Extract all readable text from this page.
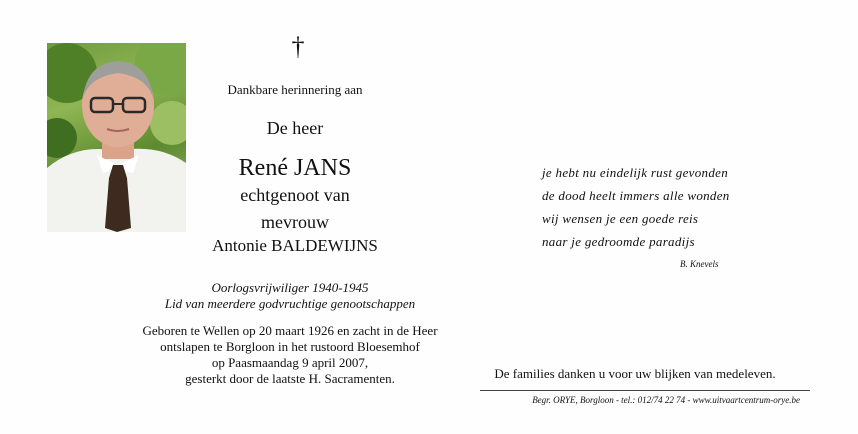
†
Dankbare herinnering aan
De heer
René JANS
echtgenoot van
mevrouw
Antonie BALDEWIJNS
Oorlogsvrijwiliger 1940-1945
Lid van meerdere godvruchtige genootschappen
Geboren te Wellen op 20 maart 1926 en zacht in de Heer
ontslapen te Borgloon in het rustoord Bloesemhof
op Paasmaandag 9 april 2007,
gesterkt door de laatste H. Sacramenten.
je hebt nu eindelijk rust gevonden
de dood heelt immers alle wonden
wij wensen je een goede reis
naar je gedroomde paradijs
B. Knevels
De families danken u voor uw blijken van medeleven.
Begr. ORYE, Borgloon - tel.: 012/74 22 74 - www.uitvaartcentrum-orye.be
